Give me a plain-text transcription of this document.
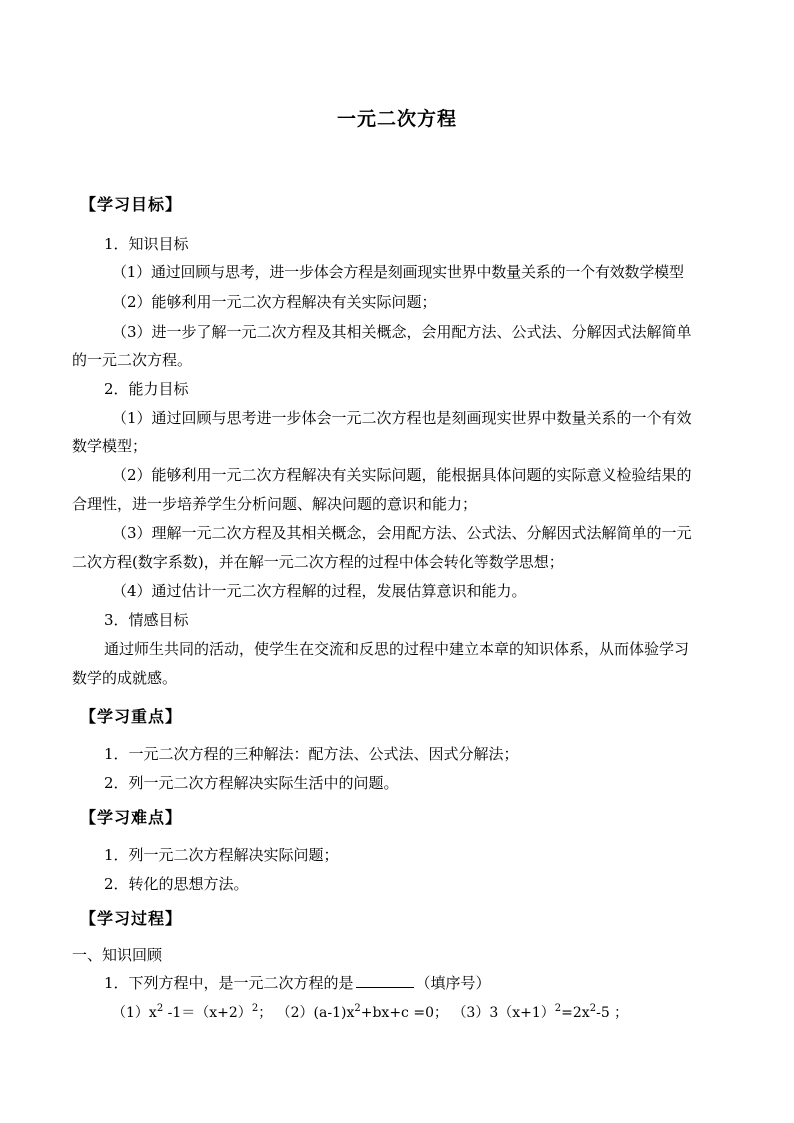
一元二次方程
【学习目标】
1．知识目标
（1）通过回顾与思考，进一步体会方程是刻画现实世界中数量关系的一个有效数学模型
（2）能够利用一元二次方程解决有关实际问题；
（3）进一步了解一元二次方程及其相关概念，会用配方法、公式法、分解因式法解简单
的一元二次方程。
2．能力目标
（1）通过回顾与思考进一步体会一元二次方程也是刻画现实世界中数量关系的一个有效
数学模型；
（2）能够利用一元二次方程解决有关实际问题，能根据具体问题的实际意义检验结果的
合理性，进一步培养学生分析问题、解决问题的意识和能力；
（3）理解一元二次方程及其相关概念，会用配方法、公式法、分解因式法解简单的一元
二次方程(数字系数)，并在解一元二次方程的过程中体会转化等数学思想；
（4）通过估计一元二次方程解的过程，发展估算意识和能力。
3．情感目标
通过师生共同的活动，使学生在交流和反思的过程中建立本章的知识体系，从而体验学习
数学的成就感。
【学习重点】
1．一元二次方程的三种解法：配方法、公式法、因式分解法；
2．列一元二次方程解决实际生活中的问题。
【学习难点】
1．列一元二次方程解决实际问题；
2．转化的思想方法。
【学习过程】
一、知识回顾
1．下列方程中，是一元二次方程的是	（填序号）
$(1)x^2$ $-1=(x+2)^2$； $(2)(a-1)x^2+bx+c =0$； $(3)3(x+1)^2=2x^2-5$ ；
